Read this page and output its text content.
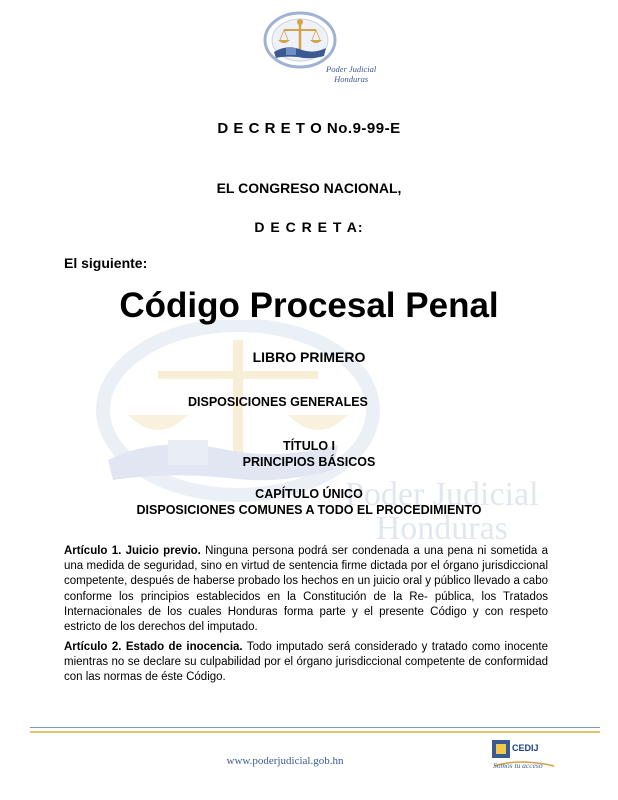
Poder Judicial
Honduras
Poder Judicial
Honduras
D E C R E T O No.9-99-E
EL CONGRESO NACIONAL,
D E C R E T A:
El siguiente:
Código Procesal Penal
LIBRO PRIMERO
DISPOSICIONES GENERALES
TÍTULO I
PRINCIPIOS BÁSICOS
CAPÍTULO ÚNICO
DISPOSICIONES COMUNES A TODO EL PROCEDIMIENTO
Artículo 1. Juicio previo. Ninguna persona podrá ser condenada a una pena ni sometida a una medida de seguridad, sino en virtud de sentencia firme dictada por el órgano jurisdiccional competente, después de haberse probado los hechos en un juicio oral y público llevado a cabo conforme los principios establecidos en la Constitución de la Re- pública, los Tratados Internacionales de los cuales Honduras forma parte y el presente Código y con respeto estricto de los derechos del imputado.
Artículo 2. Estado de inocencia. Todo imputado será considerado y tratado como inocente mientras no se declare su culpabilidad por el órgano jurisdiccional competente de conformidad con las normas de éste Código.
www.poderjudicial.gob.hn
CEDIJ
Somos tu acceso
